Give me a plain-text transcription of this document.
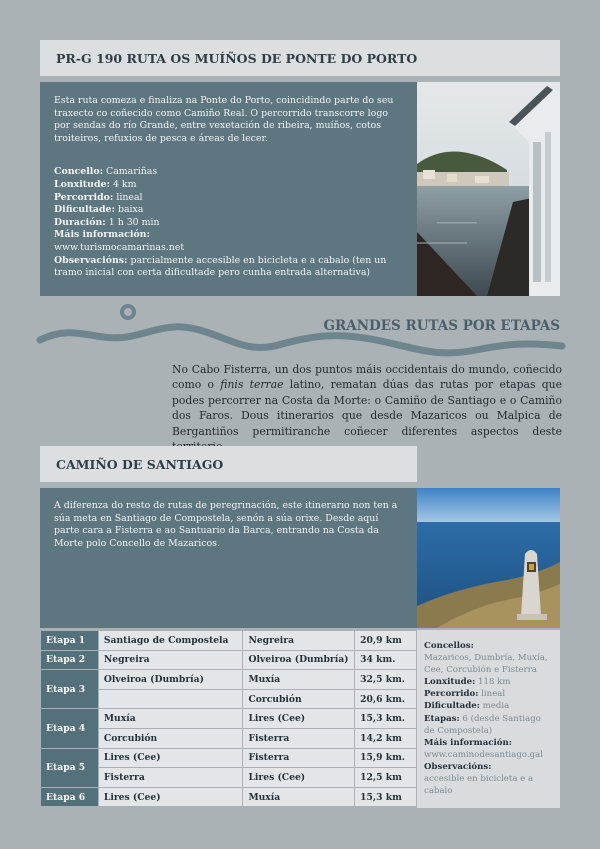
PR-G 190 RUTA OS MUÍÑOS DE PONTE DO PORTO

Esta ruta comeza e finaliza na Ponte do Porto, coincidindo parte do seu traxecto co coñecido como Camiño Real. O percorrido transcorre logo por sendas do río Grande, entre vexetación de ribeira, muíños, cotos troiteiros, refuxios de pesca e áreas de lecer.

Concello: Camariñas
Lonxitude: 4 km
Percorrido: lineal
Dificultade: baixa
Duración: 1 h 30 min
Máis información:
www.turismocamarinas.net
Observacións: parcialmente accesible en bicicleta e a cabalo (ten un tramo inicial con certa dificultade pero cunha entrada alternativa)
GRANDES RUTAS POR ETAPAS
No Cabo Fisterra, un dos puntos máis occidentais do mundo, coñecido como o finis terrae latino, rematan dúas das rutas por etapas que podes percorrer na Costa da Morte: o Camiño de Santiago e o Camiño dos Faros. Dous itinerarios que desde Mazaricos ou Malpica de Bergantiños permitiranche coñecer diferentes aspectos deste
CAMIÑO DE SANTIAGO

A diferenza do resto de rutas de peregrinación, este itinerario non ten a súa meta en Santiago de Compostela, senón a súa orixe. Desde aquí parte cara a Fisterra e ao Santuario da Barca, entrando na Costa da Morte polo Concello de Mazaricos.

Etapa 1	Santiago de Compostela	Negreira	20,9 km
Etapa 2	Negreira	Olveiroa (Dumbría)	34 km.
Etapa 3	Olveiroa (Dumbría)	Muxía	32,5 km.
		Corcubión	20,6 km.
Etapa 4	Muxía	Lires (Cee)	15,3 km.
	Corcubión	Fisterra	14,2 km
Etapa 5	Lires (Cee)	Fisterra	15,9 km.
	Fisterra	Lires (Cee)	12,5 km
Etapa 6	Lires (Cee)	Muxía	15,3 km
Concellos:
Mazaricos, Dumbría, Muxía, Cee, Corcubión e Fisterra
Lonxitude: 118 km
Percorrido: lineal
Dificultade: media
Etapas: 6 (desde Santiago de Compostela)
Máis información:
www.caminodesantiago.gal
Observacións:
accesible en bicicleta e a cabalo
